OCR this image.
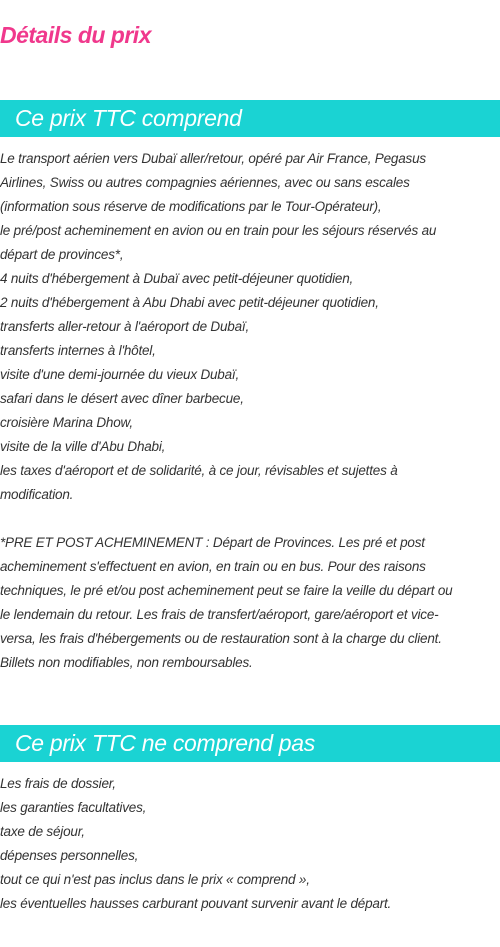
Détails du prix
Ce prix TTC comprend
Le transport aérien vers Dubaï aller/retour, opéré par Air France, Pegasus
Airlines, Swiss ou autres compagnies aériennes, avec ou sans escales
(information sous réserve de modifications par le Tour-Opérateur),
le pré/post acheminement en avion ou en train pour les séjours réservés au
départ de provinces*,
4 nuits d'hébergement à Dubaï avec petit-déjeuner quotidien,
2 nuits d'hébergement à Abu Dhabi avec petit-déjeuner quotidien,
transferts aller-retour à l'aéroport de Dubaï,
transferts internes à l'hôtel,
visite d'une demi-journée du vieux Dubaï,
safari dans le désert avec dîner barbecue,
croisière Marina Dhow,
visite de la ville d'Abu Dhabi,
les taxes d'aéroport et de solidarité, à ce jour, révisables et sujettes à
modification.
*PRE ET POST ACHEMINEMENT : Départ de Provinces. Les pré et post
acheminement s'effectuent en avion, en train ou en bus. Pour des raisons
techniques, le pré et/ou post acheminement peut se faire la veille du départ ou
le lendemain du retour. Les frais de transfert/aéroport, gare/aéroport et vice-
versa, les frais d'hébergements ou de restauration sont à la charge du client.
Billets non modifiables, non remboursables.
Ce prix TTC ne comprend pas
Les frais de dossier,
les garanties facultatives,
taxe de séjour,
dépenses personnelles,
tout ce qui n'est pas inclus dans le prix « comprend »,
les éventuelles hausses carburant pouvant survenir avant le départ.
